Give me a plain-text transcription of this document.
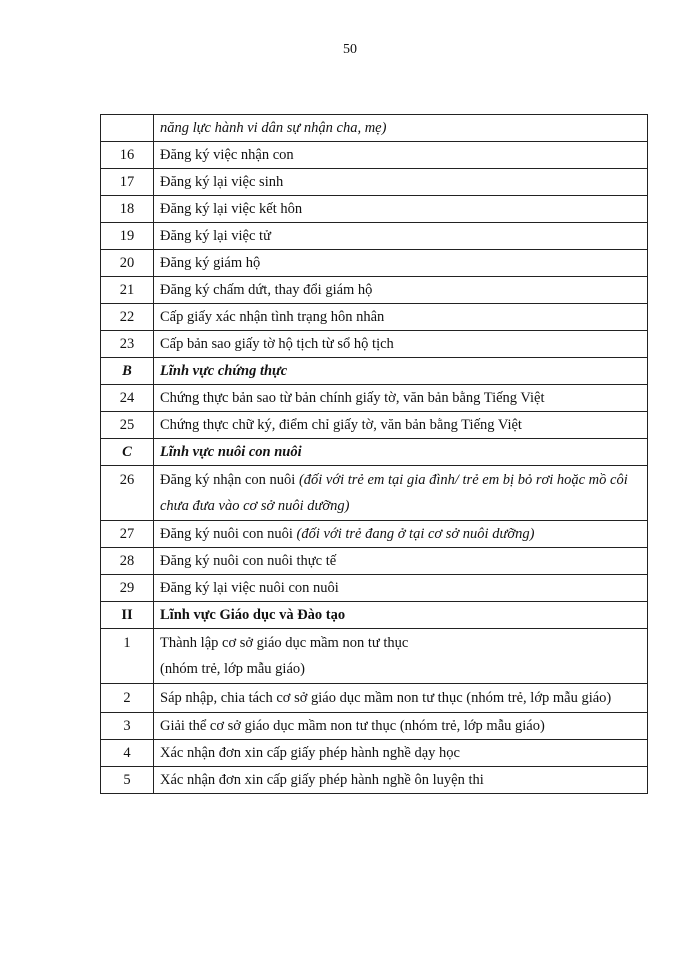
50
	năng lực hành vi dân sự nhận cha, mẹ)
16	Đăng ký việc nhận con
17	Đăng ký lại việc sinh
18	Đăng ký lại việc kết hôn
19	Đăng ký lại việc tử
20	Đăng ký giám hộ
21	Đăng ký chấm dứt, thay đổi giám hộ
22	Cấp giấy xác nhận tình trạng hôn nhân
23	Cấp bản sao giấy tờ hộ tịch từ sổ hộ tịch
B	Lĩnh vực chứng thực
24	Chứng thực bản sao từ bản chính giấy tờ, văn bản bằng Tiếng Việt
25	Chứng thực chữ ký, điểm chỉ giấy tờ, văn bản bằng Tiếng Việt
C	Lĩnh vực nuôi con nuôi
26	Đăng ký nhận con nuôi (đối với trẻ em tại gia đình/ trẻ em bị bỏ rơi hoặc mồ côi chưa đưa vào cơ sở nuôi dưỡng)
27	Đăng ký nuôi con nuôi (đối với trẻ đang ở tại cơ sở nuôi dưỡng)
28	Đăng ký nuôi con nuôi thực tế
29	Đăng ký lại việc nuôi con nuôi
II	Lĩnh vực Giáo dục và Đào tạo
1	Thành lập cơ sở giáo dục mầm non tư thục
(nhóm trẻ, lớp mẫu giáo)
2	Sáp nhập, chia tách cơ sở giáo dục mầm non tư thục (nhóm trẻ, lớp mẫu giáo)
3	Giải thể cơ sở giáo dục mầm non tư thục (nhóm trẻ, lớp mẫu giáo)
4	Xác nhận đơn xin cấp giấy phép hành nghề dạy học
5	Xác nhận đơn xin cấp giấy phép hành nghề ôn luyện thi
